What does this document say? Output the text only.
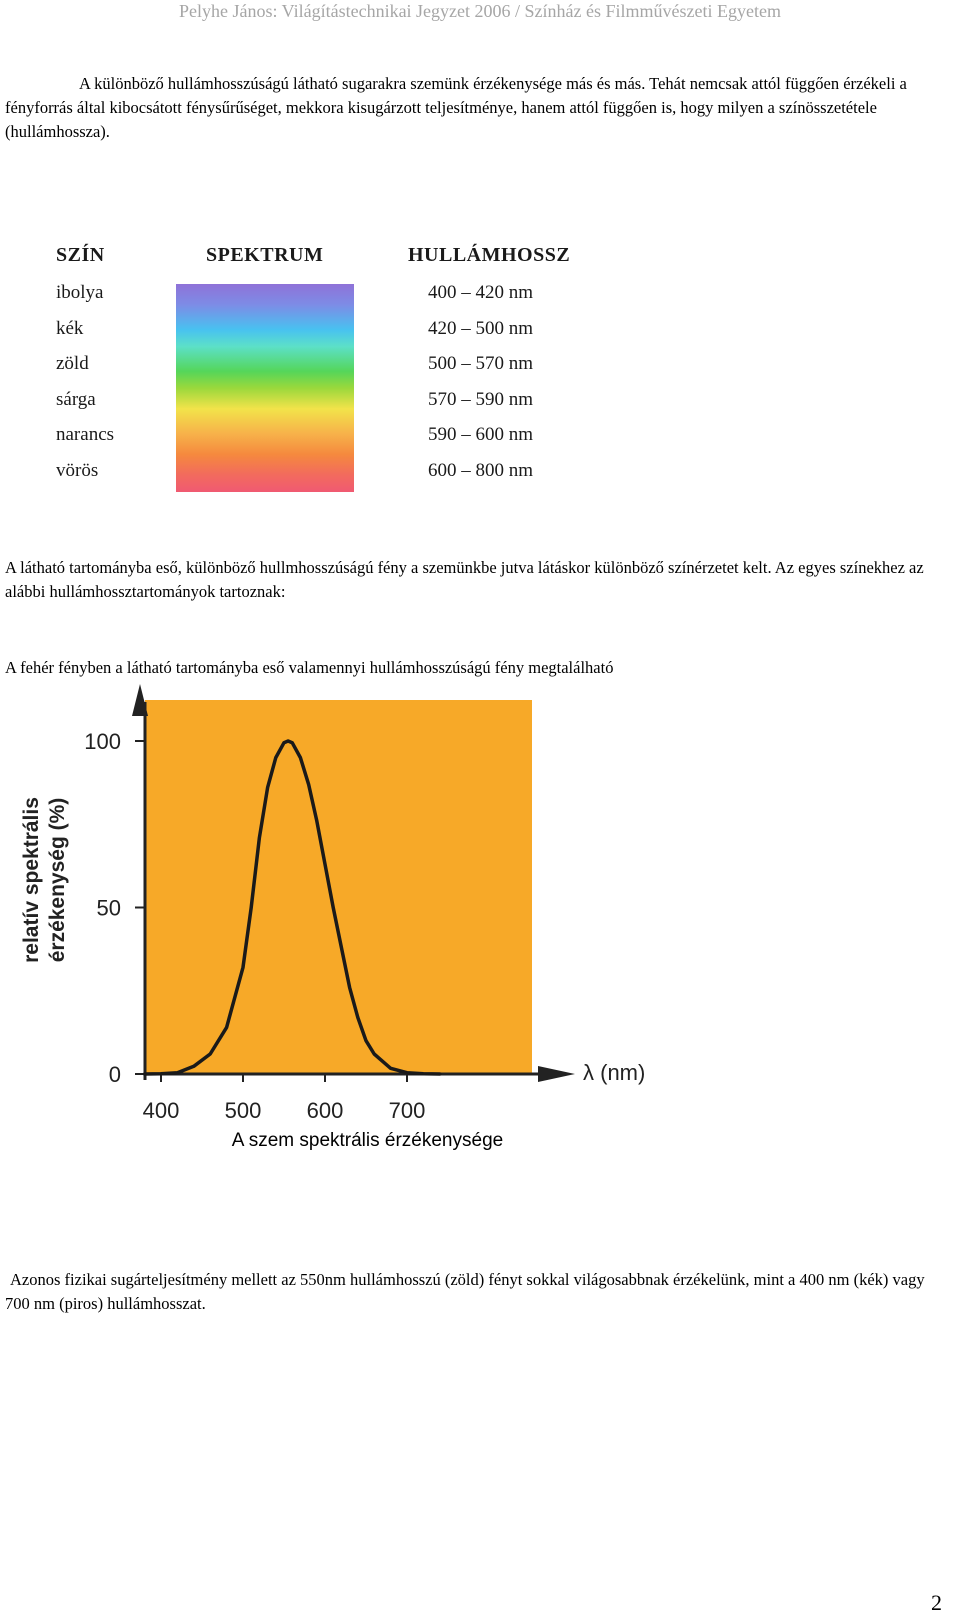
Pelyhe János: Világítástechnikai Jegyzet 2006 / Színház és Filmművészeti Egyetem
A különböző hullámhosszúságú látható sugarakra szemünk érzékenysége más és más. Tehát nemcsak attól függően érzékeli a fényforrás által kibocsátott fénysűrűséget, mekkora kisugárzott teljesítménye, hanem attól függően is, hogy milyen a színösszetétele (hullámhossza).
SZÍN	SPEKTRUM	HULLÁMHOSSZ
ibolya	400 – 420 nm
kék	420 – 500 nm
zöld	500 – 570 nm
sárga	570 – 590 nm
narancs	590 – 600 nm
vörös	600 – 800 nm
A látható tartományba eső, különböző hullmhosszúságú fény a szemünkbe jutva látáskor különböző színérzetet kelt. Az egyes színekhez az alábbi hullámhossztartományok tartoznak:
A fehér fényben a látható tartományba eső valamennyi hullámhosszúságú fény megtalálható
0
50
100
400 500 600 700
λ (nm)
relatív spektrális érzékenység (%)
A szem spektrális érzékenysége
Azonos fizikai sugárteljesítmény mellett az 550nm hullámhosszú (zöld) fényt sokkal világosabbnak érzékelünk, mint a 400 nm (kék) vagy 700 nm (piros) hullámhosszat.
2
